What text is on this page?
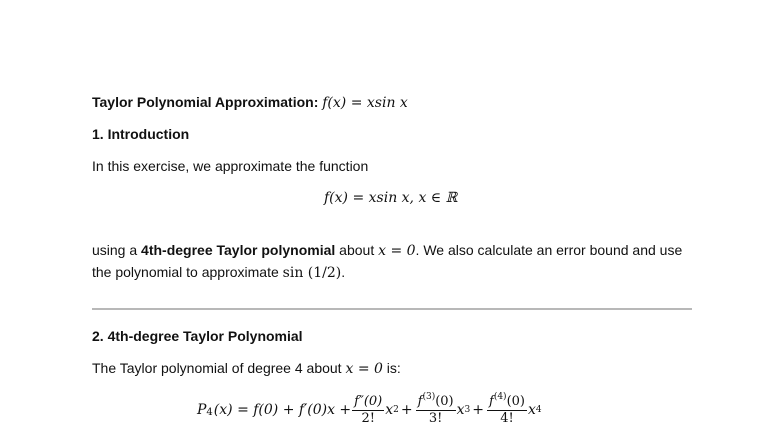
Taylor Polynomial Approximation: f(x) = xsin x
1. Introduction
In this exercise, we approximate the function
f(x) = xsin x, x ∈ ℝ
using a 4th-degree Taylor polynomial about x = 0. We also calculate an error bound and use
the polynomial to approximate sin (1/2).
2. 4th-degree Taylor Polynomial
The Taylor polynomial of degree 4 about x = 0 is:
P 4 $(x) = f(0) + f'(0)x + \frac{f''(0)}{2!}$ x $2 + \frac{f^{(3)}(0)}{3!}$ x $3 + \frac{f^{(4)}(0)}{4!}$ x 4
